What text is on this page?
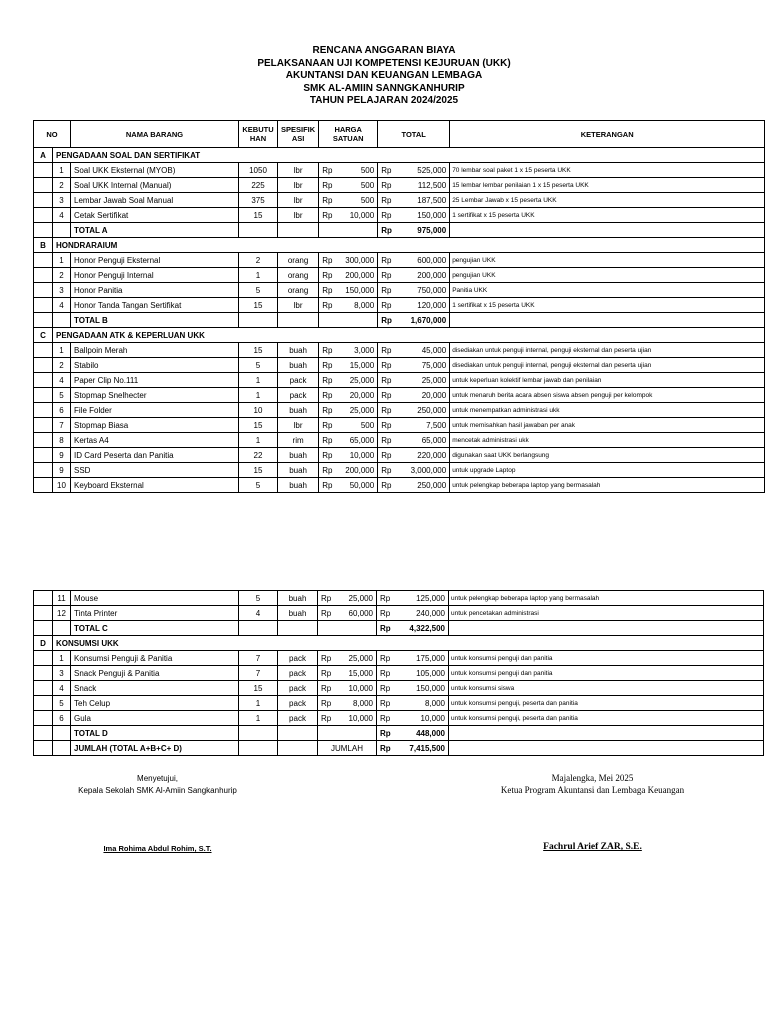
RENCANA ANGGARAN BIAYA
PELAKSANAAN UJI KOMPETENSI KEJURUAN (UKK)
AKUNTANSI DAN KEUANGAN LEMBAGA
SMK AL-AMIIN SANNGKANHURIP
TAHUN PELAJARAN 2024/2025
NO		NAMA BARANG	KEBUTU HAN	SPESIFIK ASI	HARGA SATUAN		TOTAL		KETERANGAN
A	PENGADAAN SOAL DAN SERTIFIKAT								
	1	Soal UKK Eksternal (MYOB)	1050	lbr	Rp	500	Rp	525,000	70 lembar soal paket 1 x 15 peserta UKK
	2	Soal UKK Internal (Manual)	225	lbr	Rp	500	Rp	112,500	15 lembar lembar penilaian 1 x 15 peserta UKK
	3	Lembar Jawab Soal Manual	375	lbr	Rp	500	Rp	187,500	25 Lembar Jawab x 15 peserta UKK
	4	Cetak Sertifikat	15	lbr	Rp	10,000	Rp	150,000	1 sertifikat x 15 peserta UKK
		TOTAL A					Rp	975,000	
B	HONDRARAIUM								
	1	Honor Penguji Eksternal	2	orang	Rp	300,000	Rp	600,000	pengujian UKK
	2	Honor Penguji Internal	1	orang	Rp	200,000	Rp	200,000	pengujian UKK
	3	Honor Panitia	5	orang	Rp	150,000	Rp	750,000	Panitia UKK
	4	Honor Tanda Tangan Sertifikat	15	lbr	Rp	8,000	Rp	120,000	1 sertifikat x 15 peserta UKK
		TOTAL B					Rp	1,670,000	
C	PENGADAAN ATK & KEPERLUAN UKK								
	1	Ballpoin Merah	15	buah	Rp	3,000	Rp	45,000	disediakan untuk penguji internal, penguji eksternal dan peserta ujian
	2	Stabilo	5	buah	Rp	15,000	Rp	75,000	disediakan untuk penguji internal, penguji eksternal dan peserta ujian
	4	Paper Clip No.111	1	pack	Rp	25,000	Rp	25,000	untuk keperluan kolektif lembar jawab dan penilaian
	5	Stopmap Snelhecter	1	pack	Rp	20,000	Rp	20,000	untuk menaruh berita acara absen siswa absen penguji per kelompok
	6	File Folder	10	buah	Rp	25,000	Rp	250,000	untuk menempatkan administrasi ukk
	7	Stopmap Biasa	15	lbr	Rp	500	Rp	7,500	untuk memisahkan hasil jawaban per anak
	8	Kertas A4	1	rim	Rp	65,000	Rp	65,000	mencetak administrasi ukk
	9	ID Card Peserta dan Panitia	22	buah	Rp	10,000	Rp	220,000	digunakan saat UKK berlangsung
	9	SSD	15	buah	Rp	200,000	Rp	3,000,000	untuk upgrade Laptop
	10	Keyboard Eksternal	5	buah	Rp	50,000	Rp	250,000	untuk pelengkap beberapa laptop yang bermasalah
	11	Mouse	5	buah	Rp	25,000	Rp	125,000	untuk pelengkap beberapa laptop yang bermasalah
	12	Tinta Printer	4	buah	Rp	60,000	Rp	240,000	untuk pencetakan administrasi
		TOTAL C					Rp	4,322,500	
D	KONSUMSI UKK								
	1	Konsumsi Penguji & Panitia	7	pack	Rp	25,000	Rp	175,000	untuk konsumsi penguji dan panitia
	3	Snack Penguji & Panitia	7	pack	Rp	15,000	Rp	105,000	untuk konsumsi penguji dan panitia
	4	Snack	15	pack	Rp	10,000	Rp	150,000	untuk konsumsi siswa
	5	Teh Celup	1	pack	Rp	8,000	Rp	8,000	untuk konsumsi penguji, peserta dan panitia
	6	Gula	1	pack	Rp	10,000	Rp	10,000	untuk konsumsi penguji, peserta dan panitia
		TOTAL D					Rp	448,000	
		JUMLAH (TOTAL A+B+C+ D)			JUMLAH		Rp	7,415,500	
Menyetujui,
Kepala Sekolah SMK Al-Amiin Sangkanhurip
Ima Rohima Abdul Rohim, S.T.
Majalengka, Mei 2025
Ketua Program Akuntansi dan Lembaga Keuangan
Fachrul Arief ZAR, S.E.
